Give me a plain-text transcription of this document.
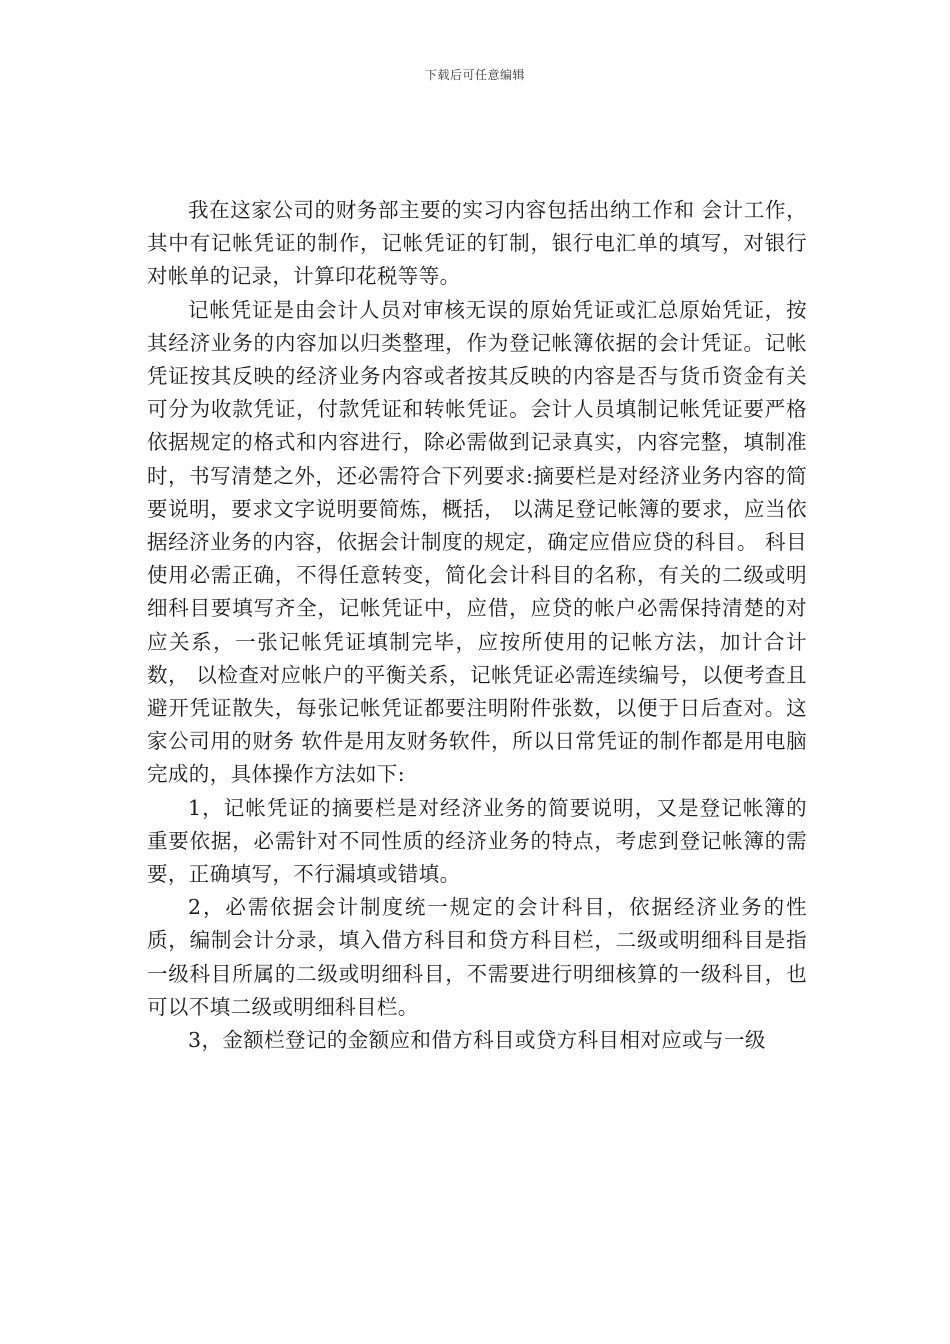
下载后可任意编辑

我在这家公司的财务部主要的实习内容包括出纳工作和 会计工作，其中有记帐凭证的制作，记帐凭证的钉制，银行电汇单的填写，对银行对帐单的记录，计算印花税等等。

记帐凭证是由会计人员对审核无误的原始凭证或汇总原始凭证，按其经济业务的内容加以归类整理，作为登记帐簿依据的会计凭证。记帐凭证按其反映的经济业务内容或者按其反映的内容是否与货币资金有关可分为收款凭证，付款凭证和转帐凭证。会计人员填制记帐凭证要严格依据规定的格式和内容进行，除必需做到记录真实，内容完整，填制准时，书写清楚之外，还必需符合下列要求:摘要栏是对经济业务内容的简要说明，要求文字说明要简炼，概括， 以满足登记帐簿的要求，应当依据经济业务的内容，依据会计制度的规定，确定应借应贷的科目。 科目使用必需正确，不得任意转变，简化会计科目的名称，有关的二级或明细科目要填写齐全，记帐凭证中，应借，应贷的帐户必需保持清楚的对应关系，一张记帐凭证填制完毕，应按所使用的记帐方法，加计合计数， 以检查对应帐户的平衡关系，记帐凭证必需连续编号，以便考查且避开凭证散失，每张记帐凭证都要注明附件张数，以便于日后查对。这家公司用的财务 软件是用友财务软件，所以日常凭证的制作都是用电脑完成的，具体操作方法如下:

1，记帐凭证的摘要栏是对经济业务的简要说明，又是登记帐簿的重要依据，必需针对不同性质的经济业务的特点，考虑到登记帐簿的需要，正确填写，不行漏填或错填。

2，必需依据会计制度统一规定的会计科目，依据经济业务的性质，编制会计分录，填入借方科目和贷方科目栏，二级或明细科目是指一级科目所属的二级或明细科目，不需要进行明细核算的一级科目，也可以不填二级或明细科目栏。

3，金额栏登记的金额应和借方科目或贷方科目相对应或与一级
